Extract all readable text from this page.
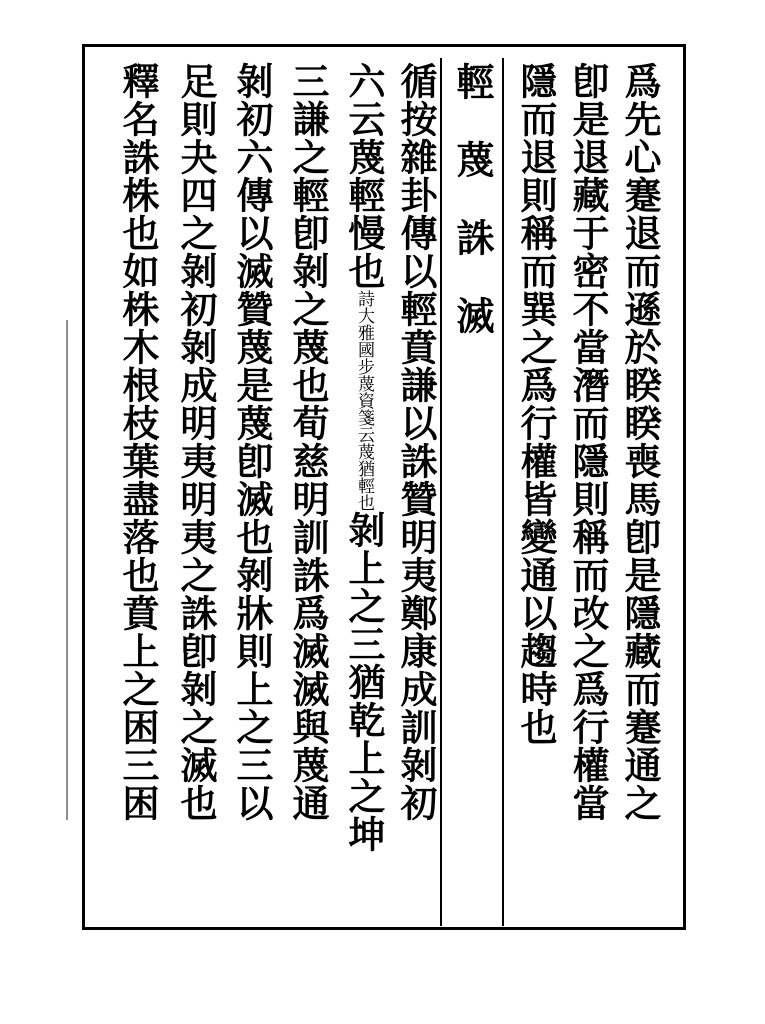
爲先心蹇退而遜於睽睽喪馬卽是隱藏而蹇通之
卽是退藏于密不當潛而隱則稱而改之爲行權當
隱而退則稱而巽之爲行權皆變通以趨時也
輕　蔑　誅　滅
循按雜卦傳以輕賁謙以誅贊明夷鄭康成訓剝初
六云蔑輕慢也詩大雅國步蔑資箋云蔑猶輕也剝上之三猶乾上之坤
三謙之輕卽剝之蔑也荀慈明訓誅爲滅滅與蔑通
剝初六傳以滅贊蔑是蔑卽滅也剝牀則上之三以
足則夬四之剝初剝成明夷明夷之誅卽剝之滅也
釋名誅株也如株木根枝葉盡落也賁上之困三困
